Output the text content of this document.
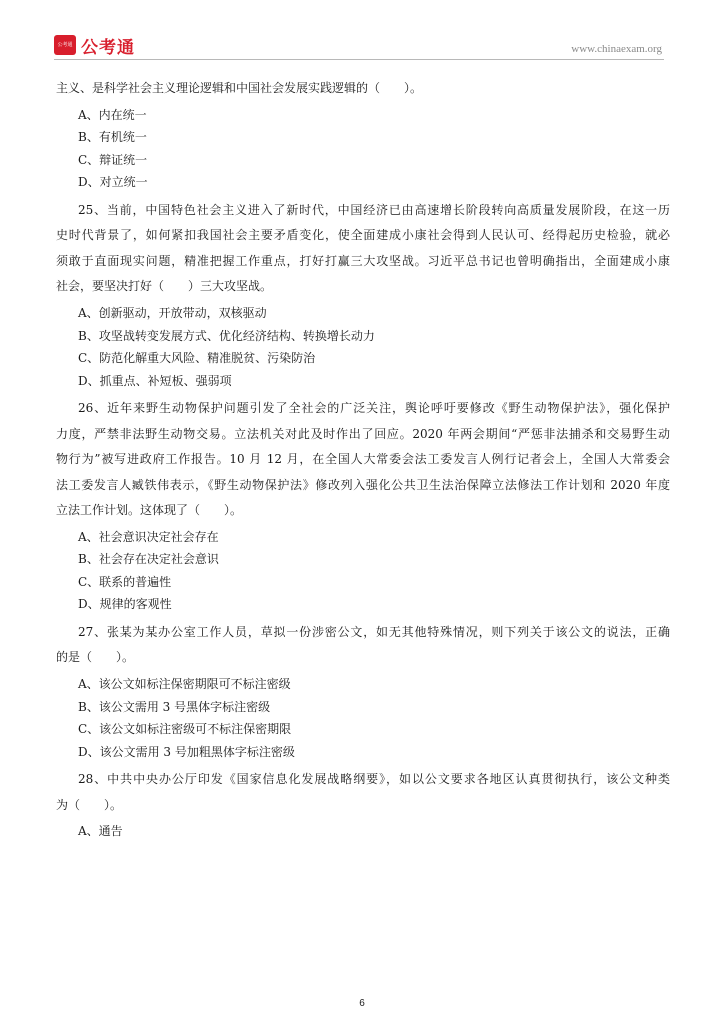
公考通 公考通	www.chinaexam.org
主义、是科学社会主义理论逻辑和中国社会发展实践逻辑的（　　）。
A、内在统一
B、有机统一
C、辩证统一
D、对立统一
25、当前，中国特色社会主义进入了新时代，中国经济已由高速增长阶段转向高质量发展阶段，在这一历
史时代背景了，如何紧扣我国社会主要矛盾变化，使全面建成小康社会得到人民认可、经得起历史检验，就必
须敢于直面现实问题，精准把握工作重点，打好打赢三大攻坚战。习近平总书记也曾明确指出，全面建成小康
社会，要坚决打好（　　）三大攻坚战。
A、创新驱动，开放带动，双核驱动
B、攻坚战转变发展方式、优化经济结构、转换增长动力
C、防范化解重大风险、精准脱贫、污染防治
D、抓重点、补短板、强弱项
26、近年来野生动物保护问题引发了全社会的广泛关注，舆论呼吁要修改《野生动物保护法》，强化保护
力度，严禁非法野生动物交易。立法机关对此及时作出了回应。2020 年两会期间“严惩非法捕杀和交易野生动
物行为”被写进政府工作报告。10 月 12 月，在全国人大常委会法工委发言人例行记者会上，全国人大常委会
法工委发言人臧铁伟表示，《野生动物保护法》修改列入强化公共卫生法治保障立法修法工作计划和 2020 年度
立法工作计划。这体现了（　　）。
A、社会意识决定社会存在
B、社会存在决定社会意识
C、联系的普遍性
D、规律的客观性
27、张某为某办公室工作人员，草拟一份涉密公文，如无其他特殊情况，则下列关于该公文的说法，正确
的是（　　）。
A、该公文如标注保密期限可不标注密级
B、该公文需用 3 号黑体字标注密级
C、该公文如标注密级可不标注保密期限
D、该公文需用 3 号加粗黑体字标注密级
28、中共中央办公厅印发《国家信息化发展战略纲要》，如以公文要求各地区认真贯彻执行，该公文种类
为（　　）。
A、通告
6
